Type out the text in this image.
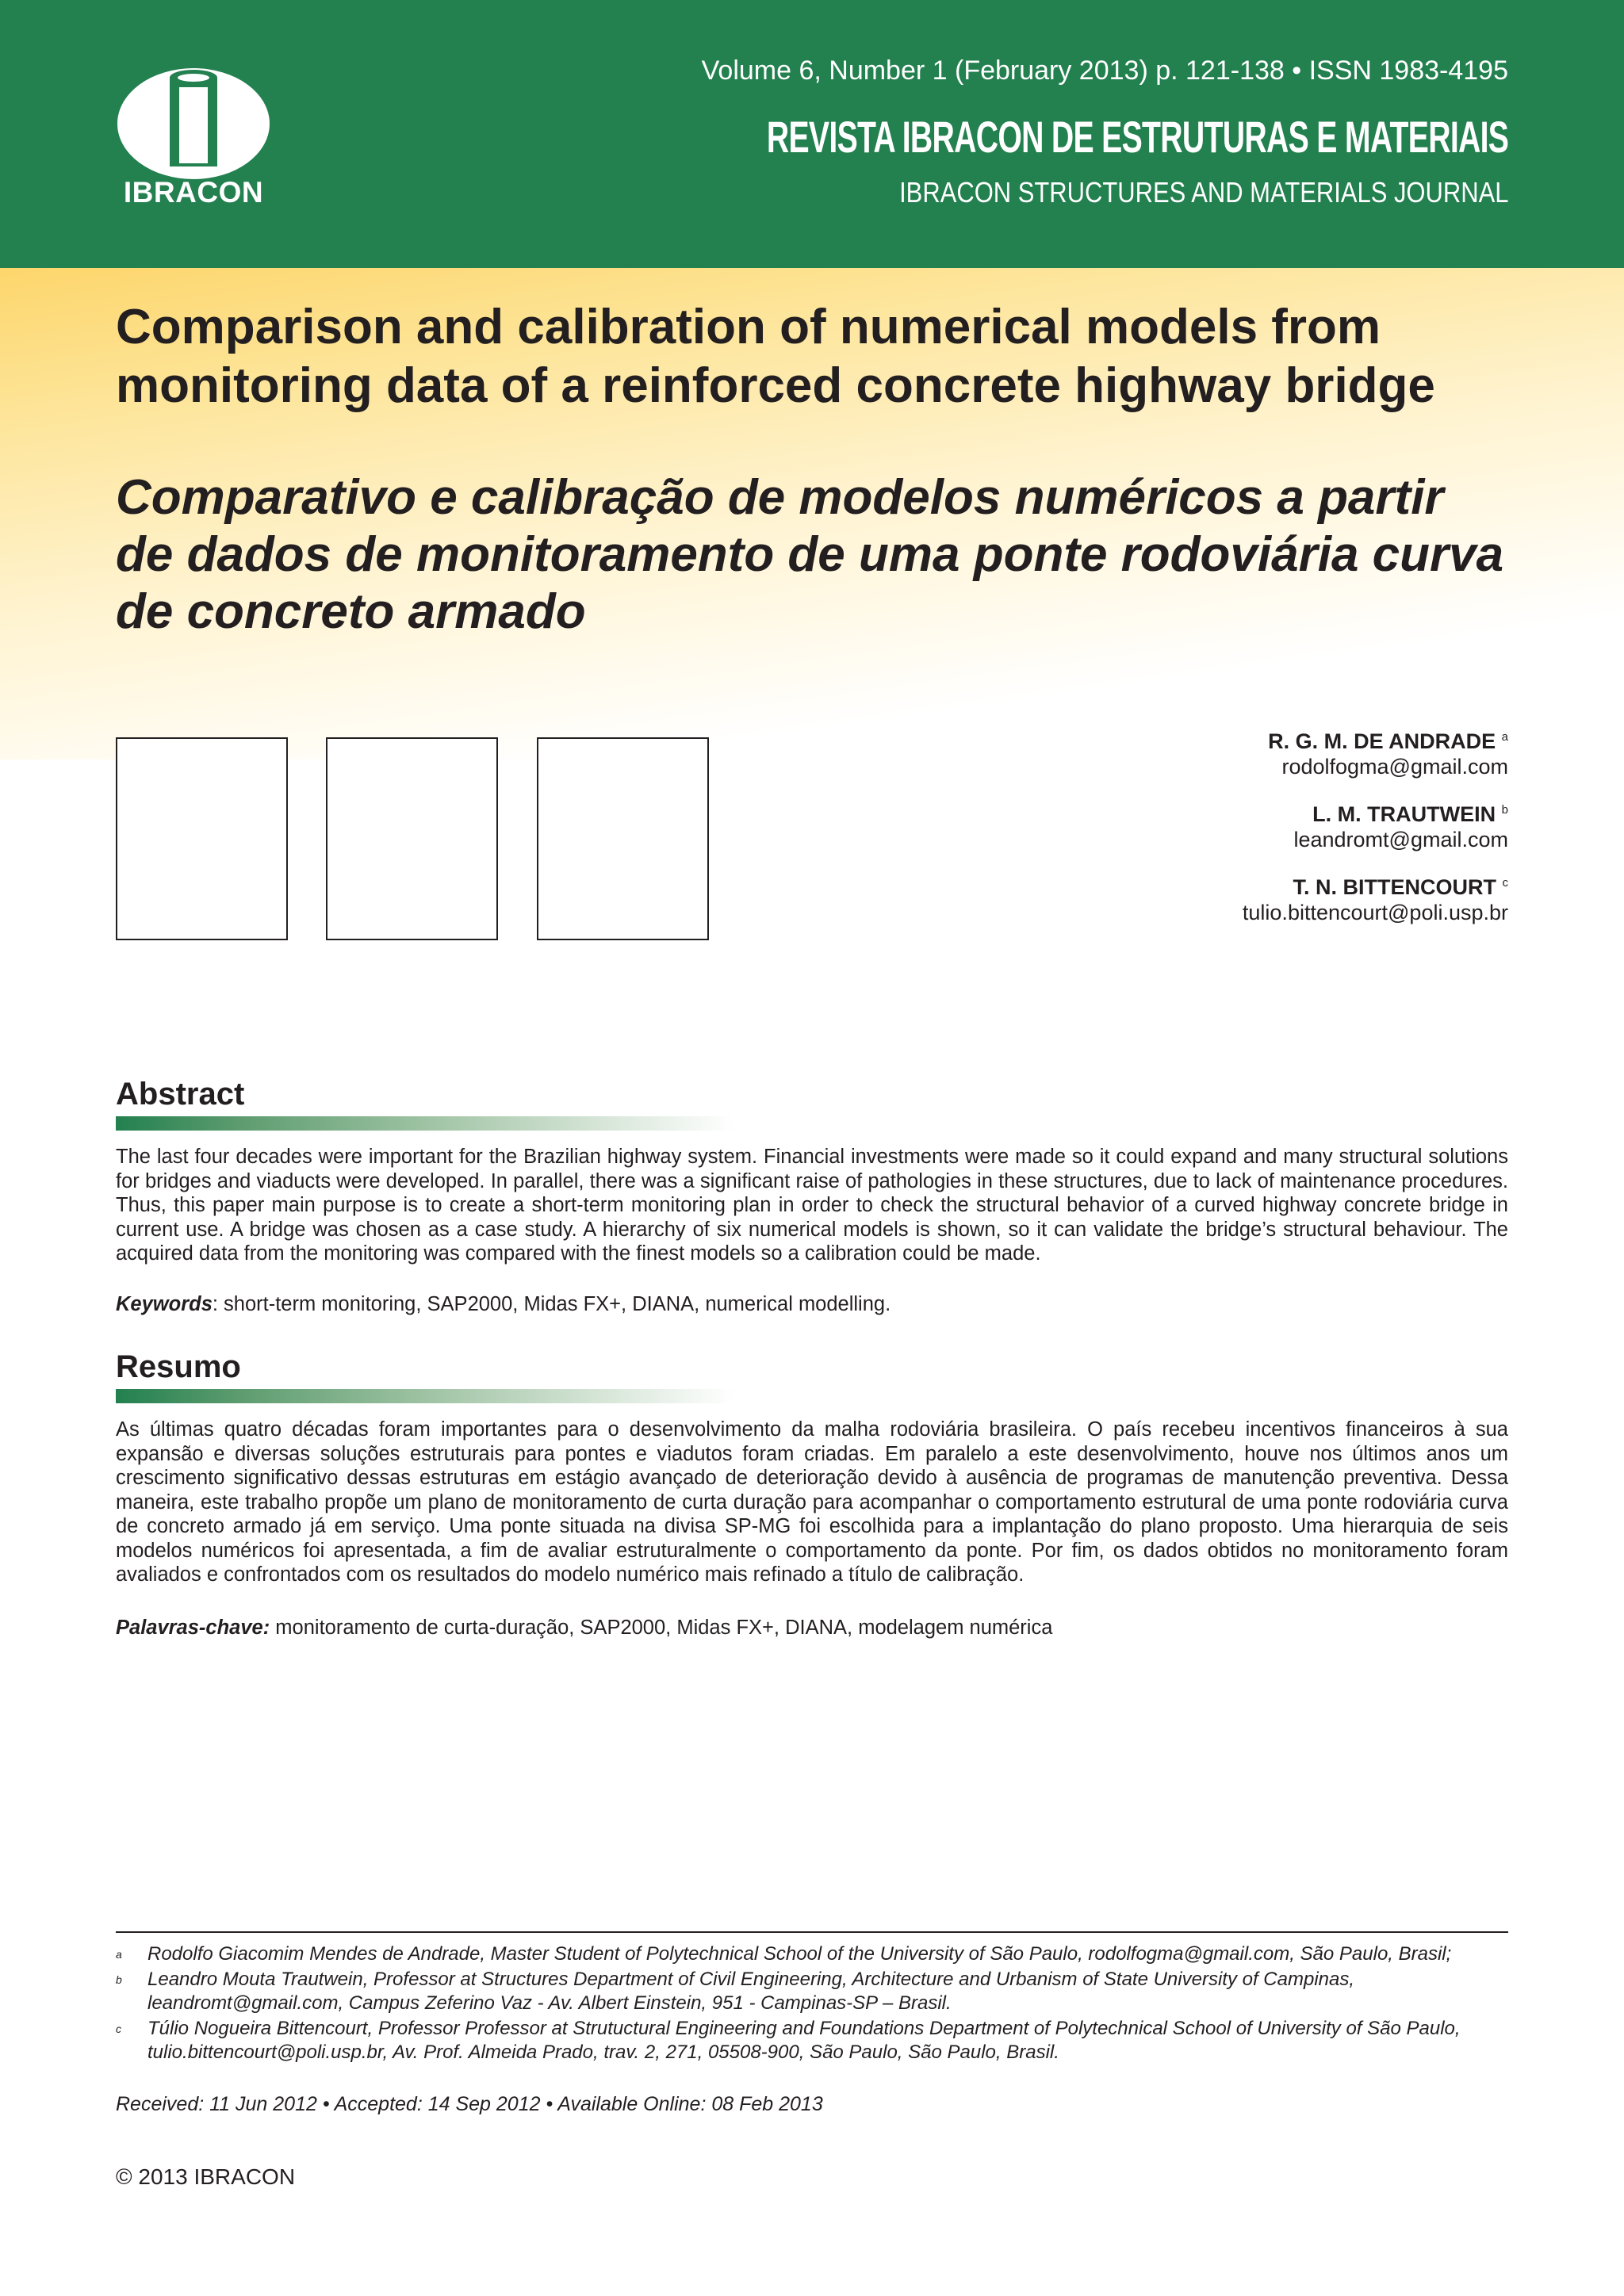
IBRACON
Volume 6, Number 1 (February 2013) p. 121-138 • ISSN 1983-4195
REVISTA IBRACON DE ESTRUTURAS E MATERIAIS
IBRACON STRUCTURES AND MATERIALS JOURNAL
Comparison and calibration of numerical models from monitoring data of a reinforced concrete highway bridge
Comparativo e calibração de modelos numéricos a partir de dados de monitoramento de uma ponte rodoviária curva de concreto armado
R. G. M. DE ANDRADE $^a$
rodolfogma@gmail.com
L. M. TRAUTWEIN $^b$
leandromt@gmail.com
T. N. BITTENCOURT $^c$
tulio.bittencourt@poli.usp.br
Abstract

The last four decades were important for the Brazilian highway system. Financial investments were made so it could expand and many structural solutions for bridges and viaducts were developed. In parallel, there was a significant raise of pathologies in these structures, due to lack of maintenance procedures. Thus, this paper main purpose is to create a short-term monitoring plan in order to check the structural behavior of a curved highway concrete bridge in current use. A bridge was chosen as a case study. A hierarchy of six numerical models is shown, so it can validate the bridge’s structural behaviour. The acquired data from the monitoring was compared with the finest models so a calibration could be made.

Keywords: short-term monitoring, SAP2000, Midas FX+, DIANA, numerical modelling.

Resumo

As últimas quatro décadas foram importantes para o desenvolvimento da malha rodoviária brasileira. O país recebeu incentivos financeiros à sua expansão e diversas soluções estruturais para pontes e viadutos foram criadas. Em paralelo a este desenvolvimento, houve nos últimos anos um crescimento significativo dessas estruturas em estágio avançado de deterioração devido à ausência de programas de manutenção preventiva. Dessa maneira, este trabalho propõe um plano de monitoramento de curta duração para acompanhar o comportamento estrutural de uma ponte rodoviária curva de concreto armado já em serviço. Uma ponte situada na divisa SP-MG foi escolhida para a implantação do plano proposto. Uma hierarquia de seis modelos numéricos foi apresentada, a fim de avaliar estruturalmente o comportamento da ponte. Por fim, os dados obtidos no monitoramento foram avaliados e confrontados com os resultados do modelo numérico mais refinado a título de calibração.

Palavras-chave: monitoramento de curta-duração, SAP2000, Midas FX+, DIANA, modelagem numérica

a Rodolfo Giacomim Mendes de Andrade, Master Student of Polytechnical School of the University of São Paulo, rodolfogma@gmail.com, São Paulo, Brasil;
b Leandro Mouta Trautwein, Professor at Structures Department of Civil Engineering, Architecture and Urbanism of State University of Campinas, leandromt@gmail.com, Campus Zeferino Vaz - Av. Albert Einstein, 951 - Campinas-SP – Brasil.
c Túlio Nogueira Bittencourt, Professor Professor at Strutuctural Engineering and Foundations Department of Polytechnical School of University of São Paulo, tulio.bittencourt@poli.usp.br, Av. Prof. Almeida Prado, trav. 2, 271, 05508-900, São Paulo, São Paulo, Brasil.
Received: 11 Jun 2012 • Accepted: 14 Sep 2012 • Available Online: 08 Feb 2013
© 2013 IBRACON
